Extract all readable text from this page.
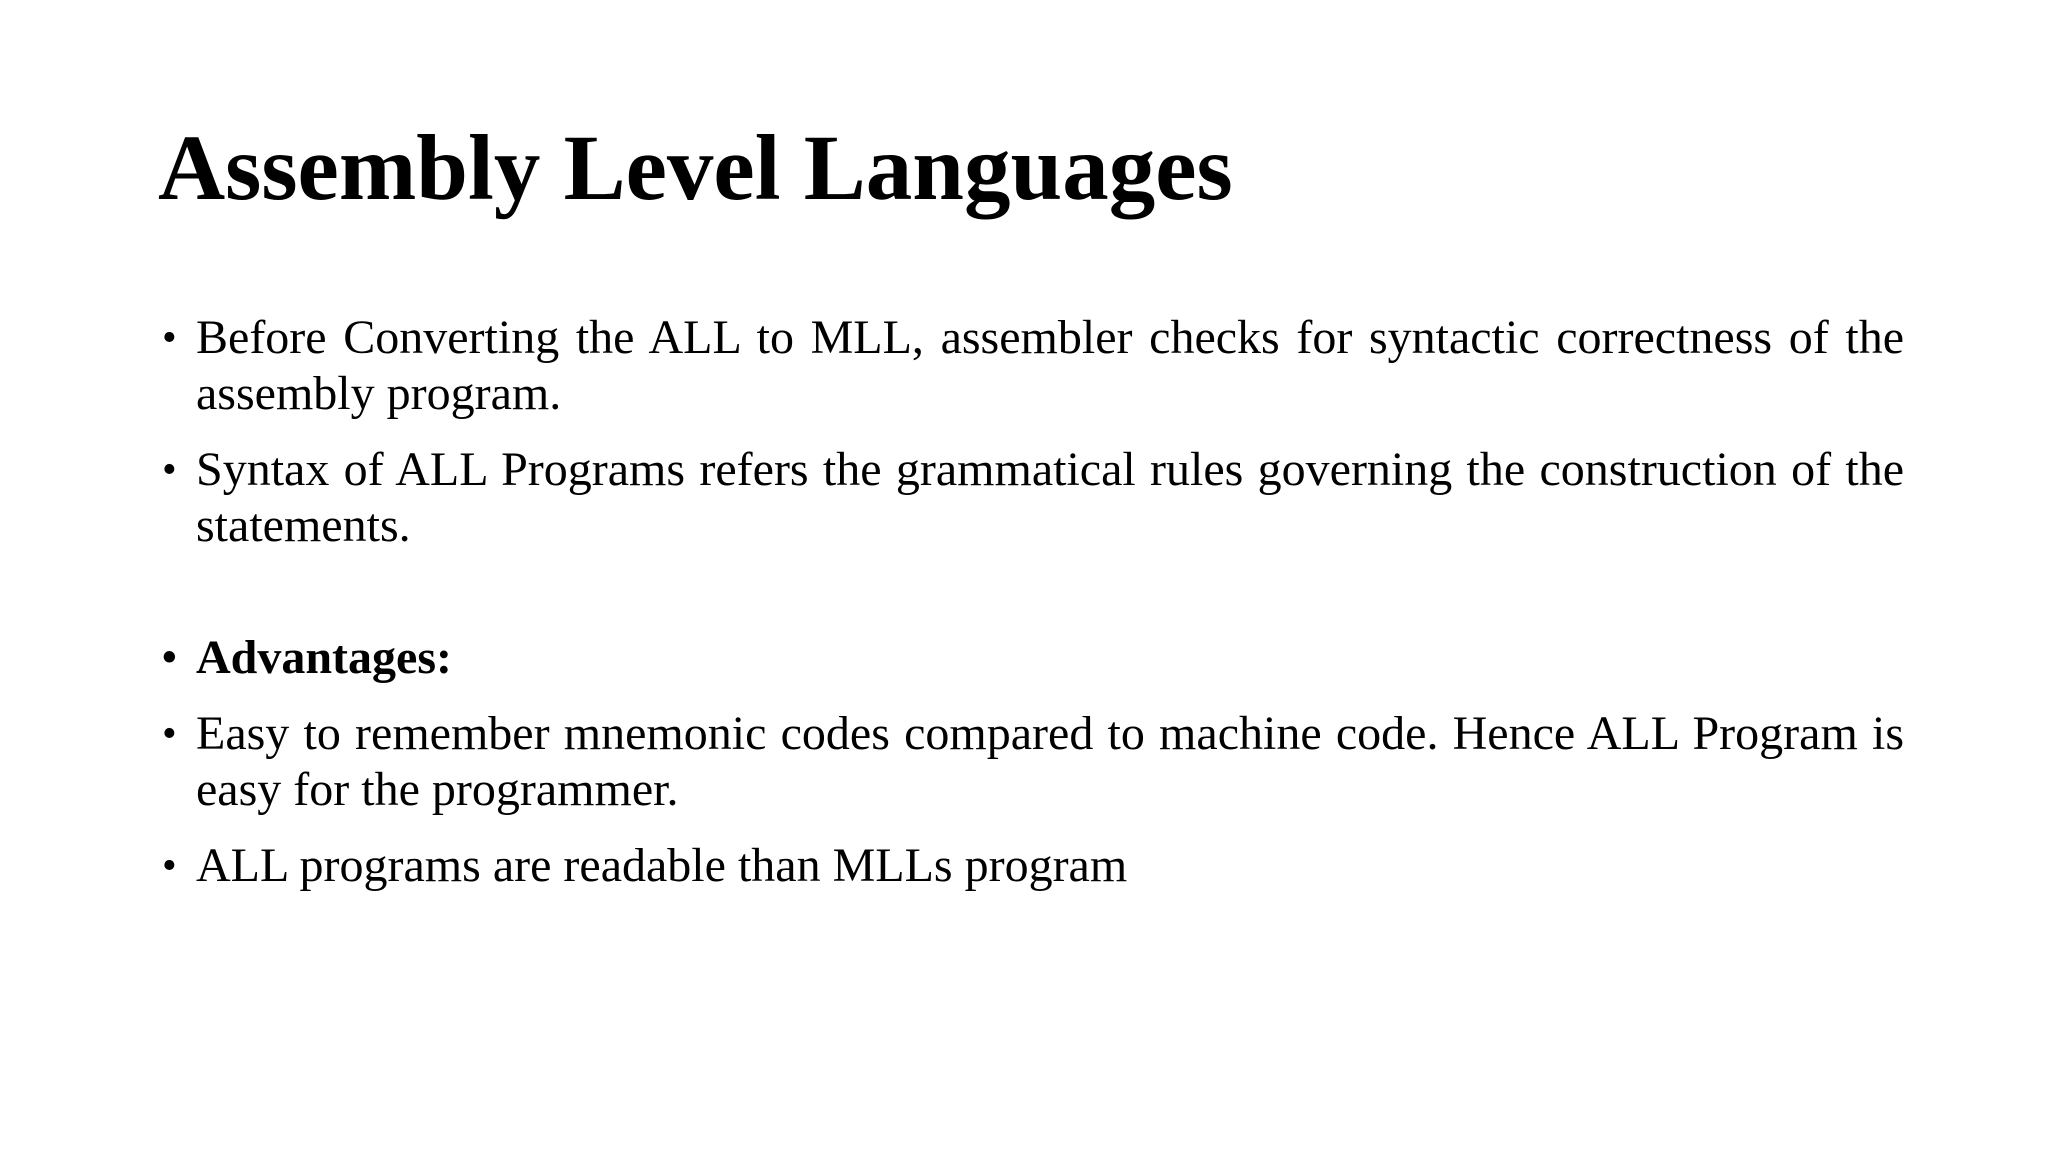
Assembly Level Languages
• Before Converting the ALL to MLL, assembler checks for syntactic correctness of the assembly program.
• Syntax of ALL Programs refers the grammatical rules governing the construction of the statements.
• Advantages:
• Easy to remember mnemonic codes compared to machine code. Hence ALL Program is easy for the programmer.
• ALL programs are readable than MLLs program
